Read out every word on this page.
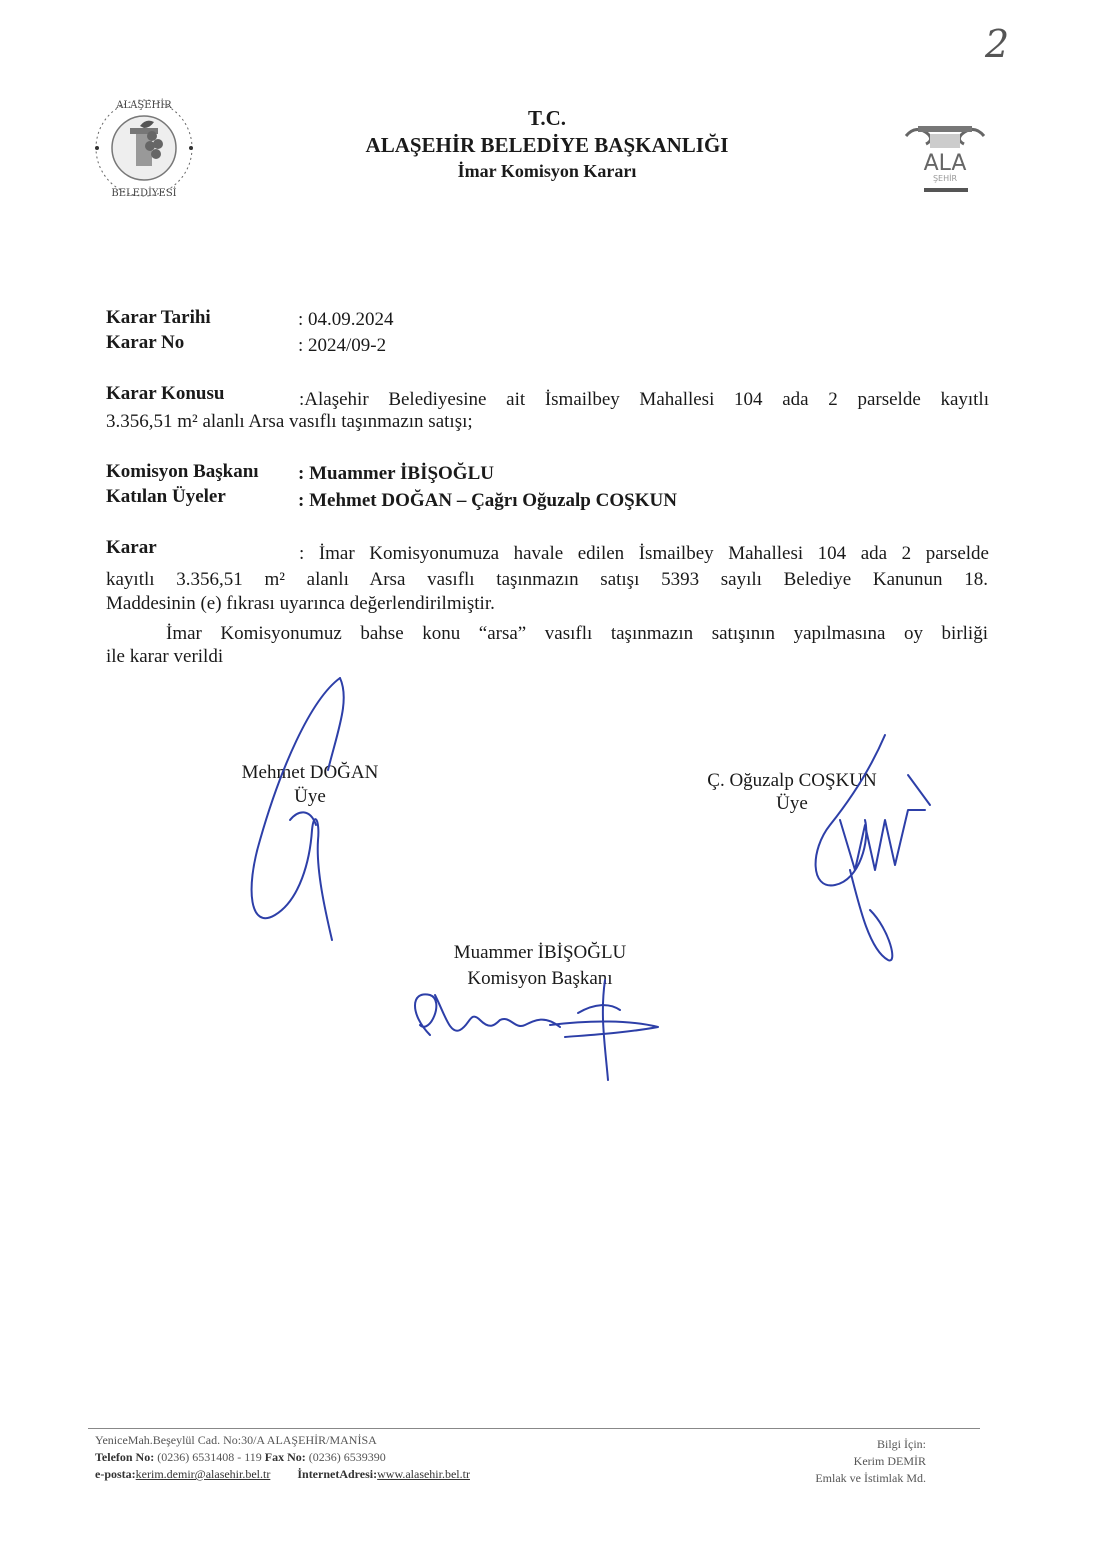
2
ALAŞEHİR
BELEDİYESİ
ALA
ŞEHİR
T.C.
ALAŞEHİR BELEDİYE BAŞKANLIĞI
İmar Komisyon Kararı
Karar Tarihi	: 04.09.2024
Karar No	: 2024/09-2
Karar Konusu	:Alaşehir Belediyesine ait İsmailbey Mahallesi 104 ada 2 parselde kayıtlı
3.356,51 m² alanlı Arsa vasıflı taşınmazın satışı;
Komisyon Başkanı : Muammer İBİŞOĞLU
Katılan Üyeler	: Mehmet DOĞAN – Çağrı Oğuzalp COŞKUN
Karar	: İmar Komisyonumuza havale edilen İsmailbey Mahallesi 104 ada 2 parselde
kayıtlı 3.356,51 m² alanlı Arsa vasıflı taşınmazın satışı 5393 sayılı Belediye Kanunun 18.
Maddesinin (e) fıkrası uyarınca değerlendirilmiştir.
İmar Komisyonumuz bahse konu “arsa” vasıflı taşınmazın satışının yapılmasına oy birliği
ile karar verildi
Mehmet DOĞAN
Üye
Ç. Oğuzalp COŞKUN
Üye
Muammer İBİŞOĞLU
Komisyon Başkanı
YeniceMah.Beşeylül Cad. No:30/A ALAŞEHİR/MANİSA
Telefon No: (0236) 6531408 - 119 Fax No: (0236) 6539390
e-posta:kerim.demir@alasehir.bel.tr İnternetAdresi:www.alasehir.bel.tr
Bilgi İçin:
Kerim DEMİR
Emlak ve İstimlak Md.
